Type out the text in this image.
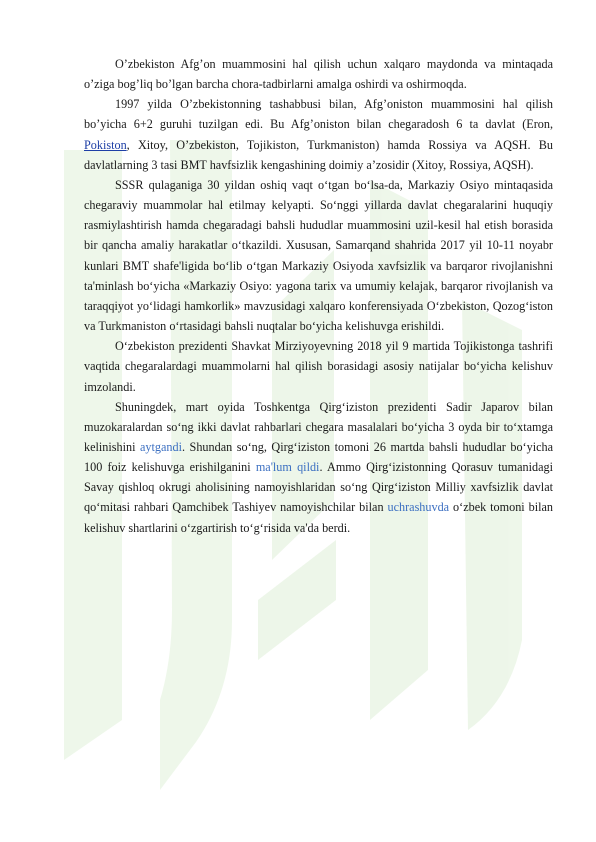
O’zbekiston Afg’on muammosini hal qilish uchun xalqaro maydonda va mintaqada o’ziga bog’liq bo’lgan barcha chora-tadbirlarni amalga oshirdi va oshirmoqda.

1997 yilda O’zbekistonning tashabbusi bilan, Afg’oniston muammosini hal qilish bo’yicha 6+2 guruhi tuzilgan edi. Bu Afg’oniston bilan chegaradosh 6 ta davlat (Eron, Pokiston, Xitoy, O’zbekiston, Tojikiston, Turkmaniston) hamda Rossiya va AQSH. Bu davlatlarning 3 tasi BMT havfsizlik kengashining doimiy a’zosidir (Xitoy, Rossiya, AQSH).

SSSR qulaganiga 30 yildan oshiq vaqt o‘tgan bo‘lsa-da, Markaziy Osiyo mintaqasida chegaraviy muammolar hal etilmay kelyapti. So‘nggi yillarda davlat chegaralarini huquqiy rasmiylashtirish hamda chegaradagi bahsli hududlar muammosini uzil-kesil hal etish borasida bir qancha amaliy harakatlar o‘tkazildi. Xususan, Samarqand shahrida 2017 yil 10-11 noyabr kunlari BMT shafe'ligida bo‘lib o‘tgan Markaziy Osiyoda xavfsizlik va barqaror rivojlanishni ta'minlash bo‘yicha «Markaziy Osiyo: yagona tarix va umumiy kelajak, barqaror rivojlanish va taraqqiyot yo‘lidagi hamkorlik» mavzusidagi xalqaro konferensiyada O‘zbekiston, Qozog‘iston va Turkmaniston o‘rtasidagi bahsli nuqtalar bo‘yicha kelishuvga erishildi.

O‘zbekiston prezidenti Shavkat Mirziyoyevning 2018 yil 9 martida Tojikistonga tashrifi vaqtida chegaralardagi muammolarni hal qilish borasidagi asosiy natijalar bo‘yicha kelishuv imzolandi.

Shuningdek, mart oyida Toshkentga Qirg‘iziston prezidenti Sadir Japarov bilan muzokaralardan so‘ng ikki davlat rahbarlari chegara masalalari bo‘yicha 3 oyda bir to‘xtamga kelinishini aytgandi. Shundan so‘ng, Qirg‘iziston tomoni 26 martda bahsli hududlar bo‘yicha 100 foiz kelishuvga erishilganini ma'lum qildi. Ammo Qirg‘izistonning Qorasuv tumanidagi Savay qishloq okrugi aholisining namoyishlaridan so‘ng Qirg‘iziston Milliy xavfsizlik davlat qo‘mitasi rahbari Qamchibek Tashiyev namoyishchilar bilan uchrashuvda o‘zbek tomoni bilan kelishuv shartlarini o‘zgartirish to‘g‘risida va'da berdi.
